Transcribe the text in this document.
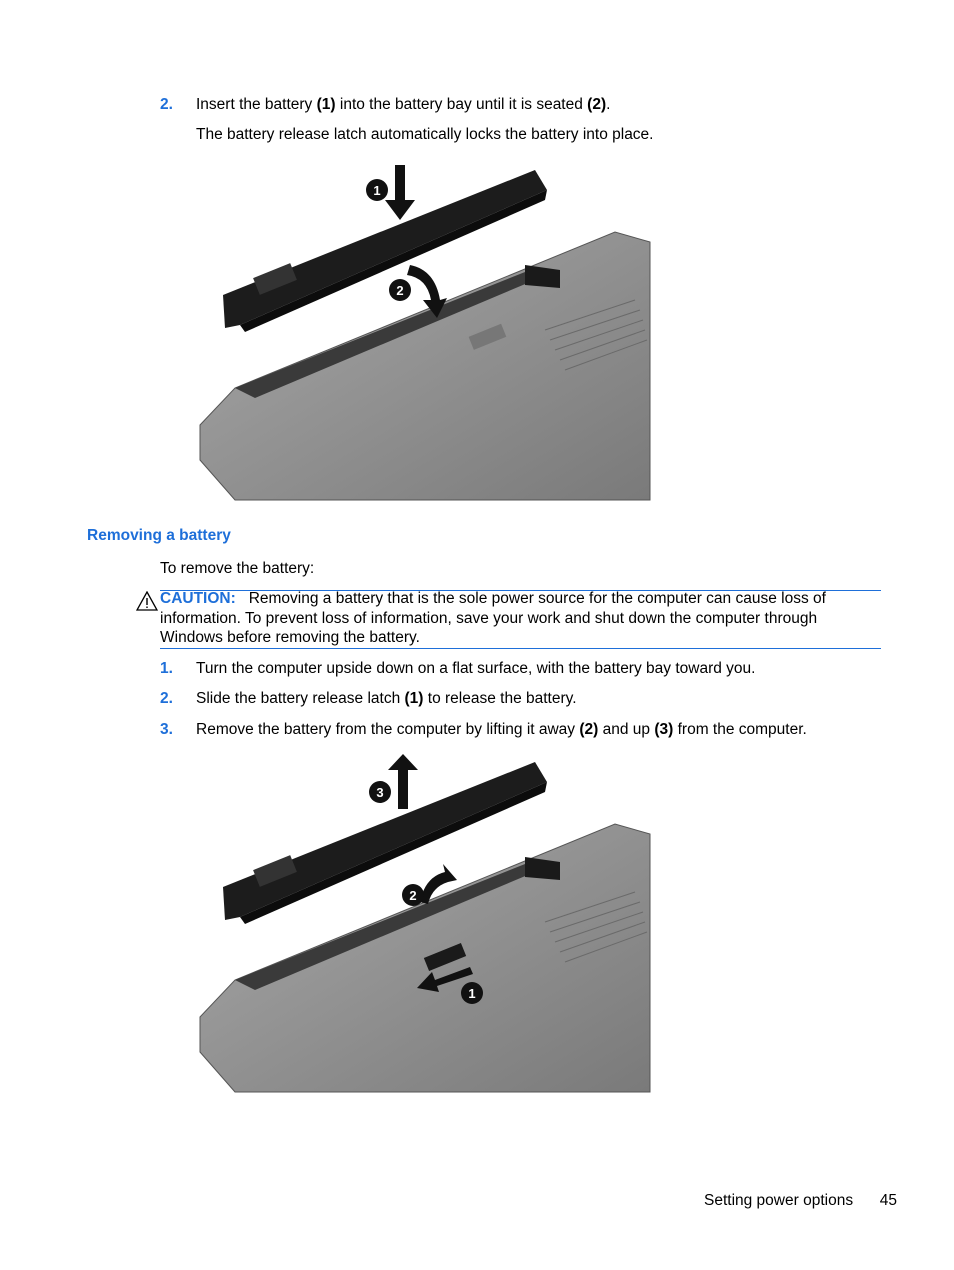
2. Insert the battery (1) into the battery bay until it is seated (2).
The battery release latch automatically locks the battery into place.
1
2
Removing a battery
To remove the battery:
CAUTION: Removing a battery that is the sole power source for the computer can cause loss of
information. To prevent loss of information, save your work and shut down the computer through
Windows before removing the battery.
1. Turn the computer upside down on a flat surface, with the battery bay toward you.
2. Slide the battery release latch (1) to release the battery.
3. Remove the battery from the computer by lifting it away (2) and up (3) from the computer.
3
2
1
Setting power options 45
